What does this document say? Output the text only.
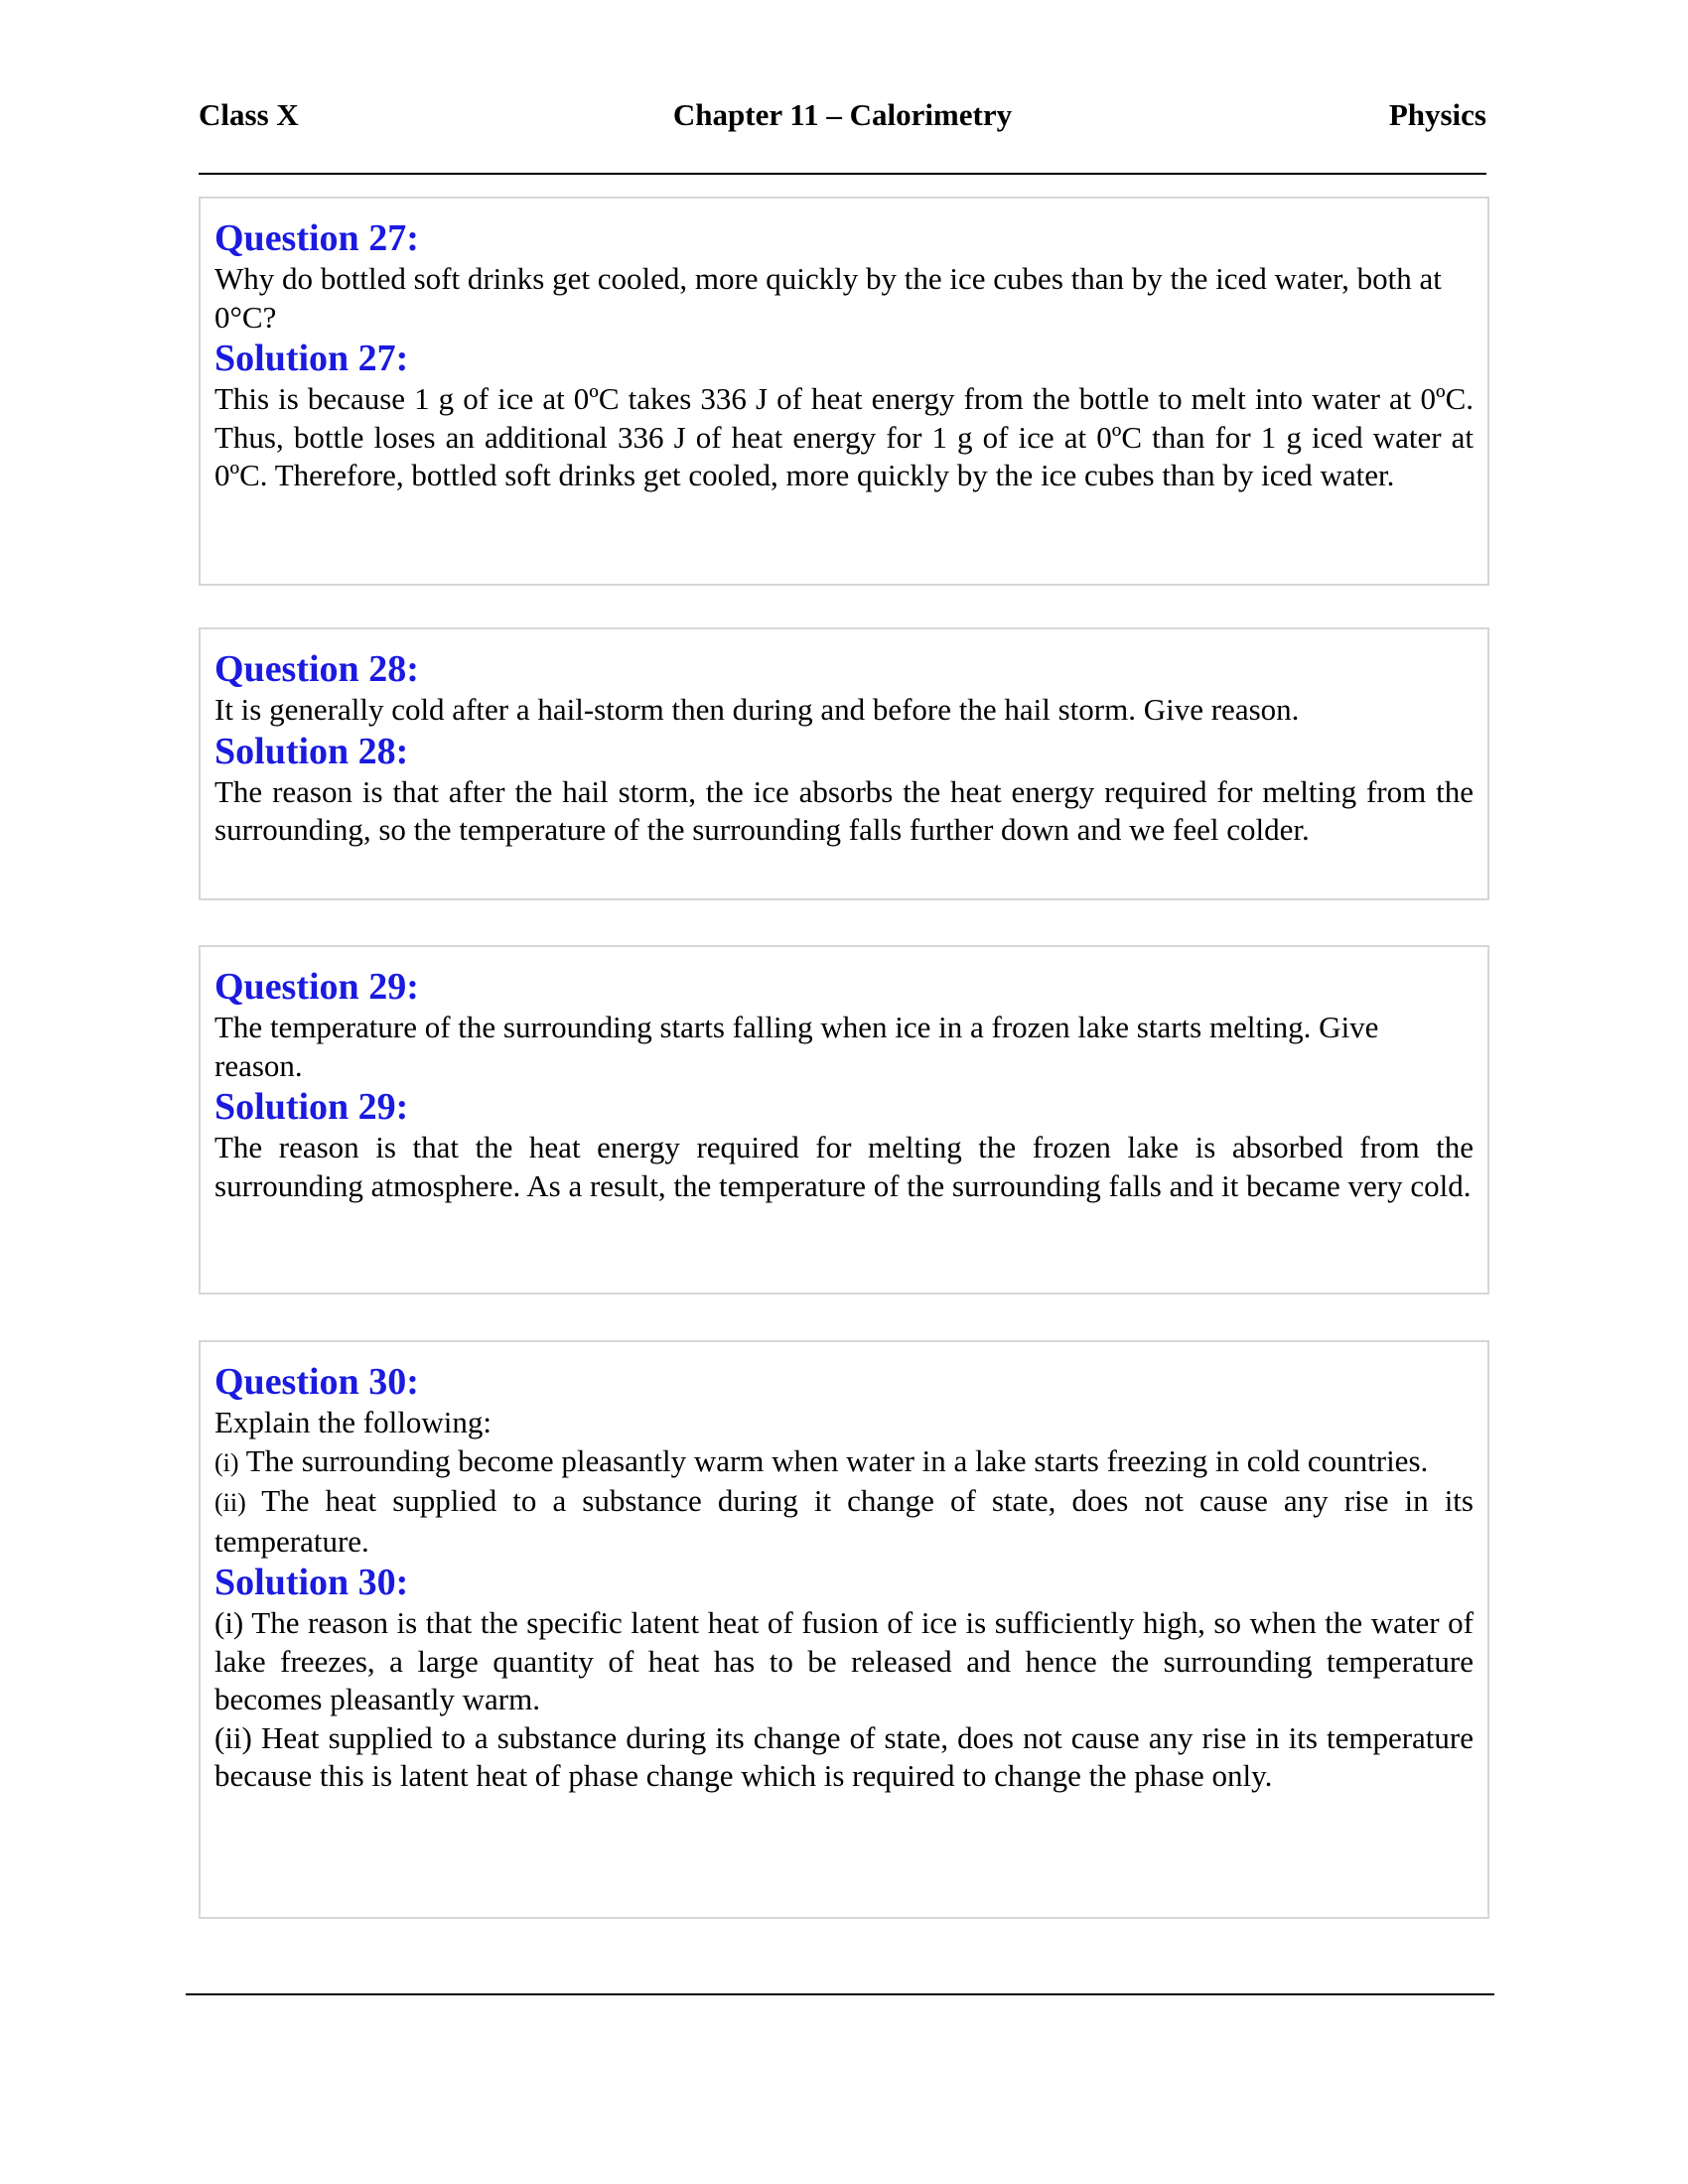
Class X	Chapter 11 – Calorimetry	Physics
Question 27:
Why do bottled soft drinks get cooled, more quickly by the ice cubes than by the iced water, both at 0°C?
Solution 27:
This is because 1 g of ice at 0ºC takes 336 J of heat energy from the bottle to melt into water at 0ºC. Thus, bottle loses an additional 336 J of heat energy for 1 g of ice at 0ºC than for 1 g iced water at 0ºC. Therefore, bottled soft drinks get cooled, more quickly by the ice cubes than by iced water.
Question 28:
It is generally cold after a hail-storm then during and before the hail storm. Give reason.
Solution 28:
The reason is that after the hail storm, the ice absorbs the heat energy required for melting from the surrounding, so the temperature of the surrounding falls further down and we feel colder.
Question 29:
The temperature of the surrounding starts falling when ice in a frozen lake starts melting. Give reason.
Solution 29:
The reason is that the heat energy required for melting the frozen lake is absorbed from the surrounding atmosphere. As a result, the temperature of the surrounding falls and it became very cold.
Question 30:
Explain the following:
(i) The surrounding become pleasantly warm when water in a lake starts freezing in cold countries.
(ii) The heat supplied to a substance during it change of state, does not cause any rise in its temperature.
Solution 30:
(i) The reason is that the specific latent heat of fusion of ice is sufficiently high, so when the water of lake freezes, a large quantity of heat has to be released and hence the surrounding temperature becomes pleasantly warm.
(ii) Heat supplied to a substance during its change of state, does not cause any rise in its temperature because this is latent heat of phase change which is required to change the phase only.
